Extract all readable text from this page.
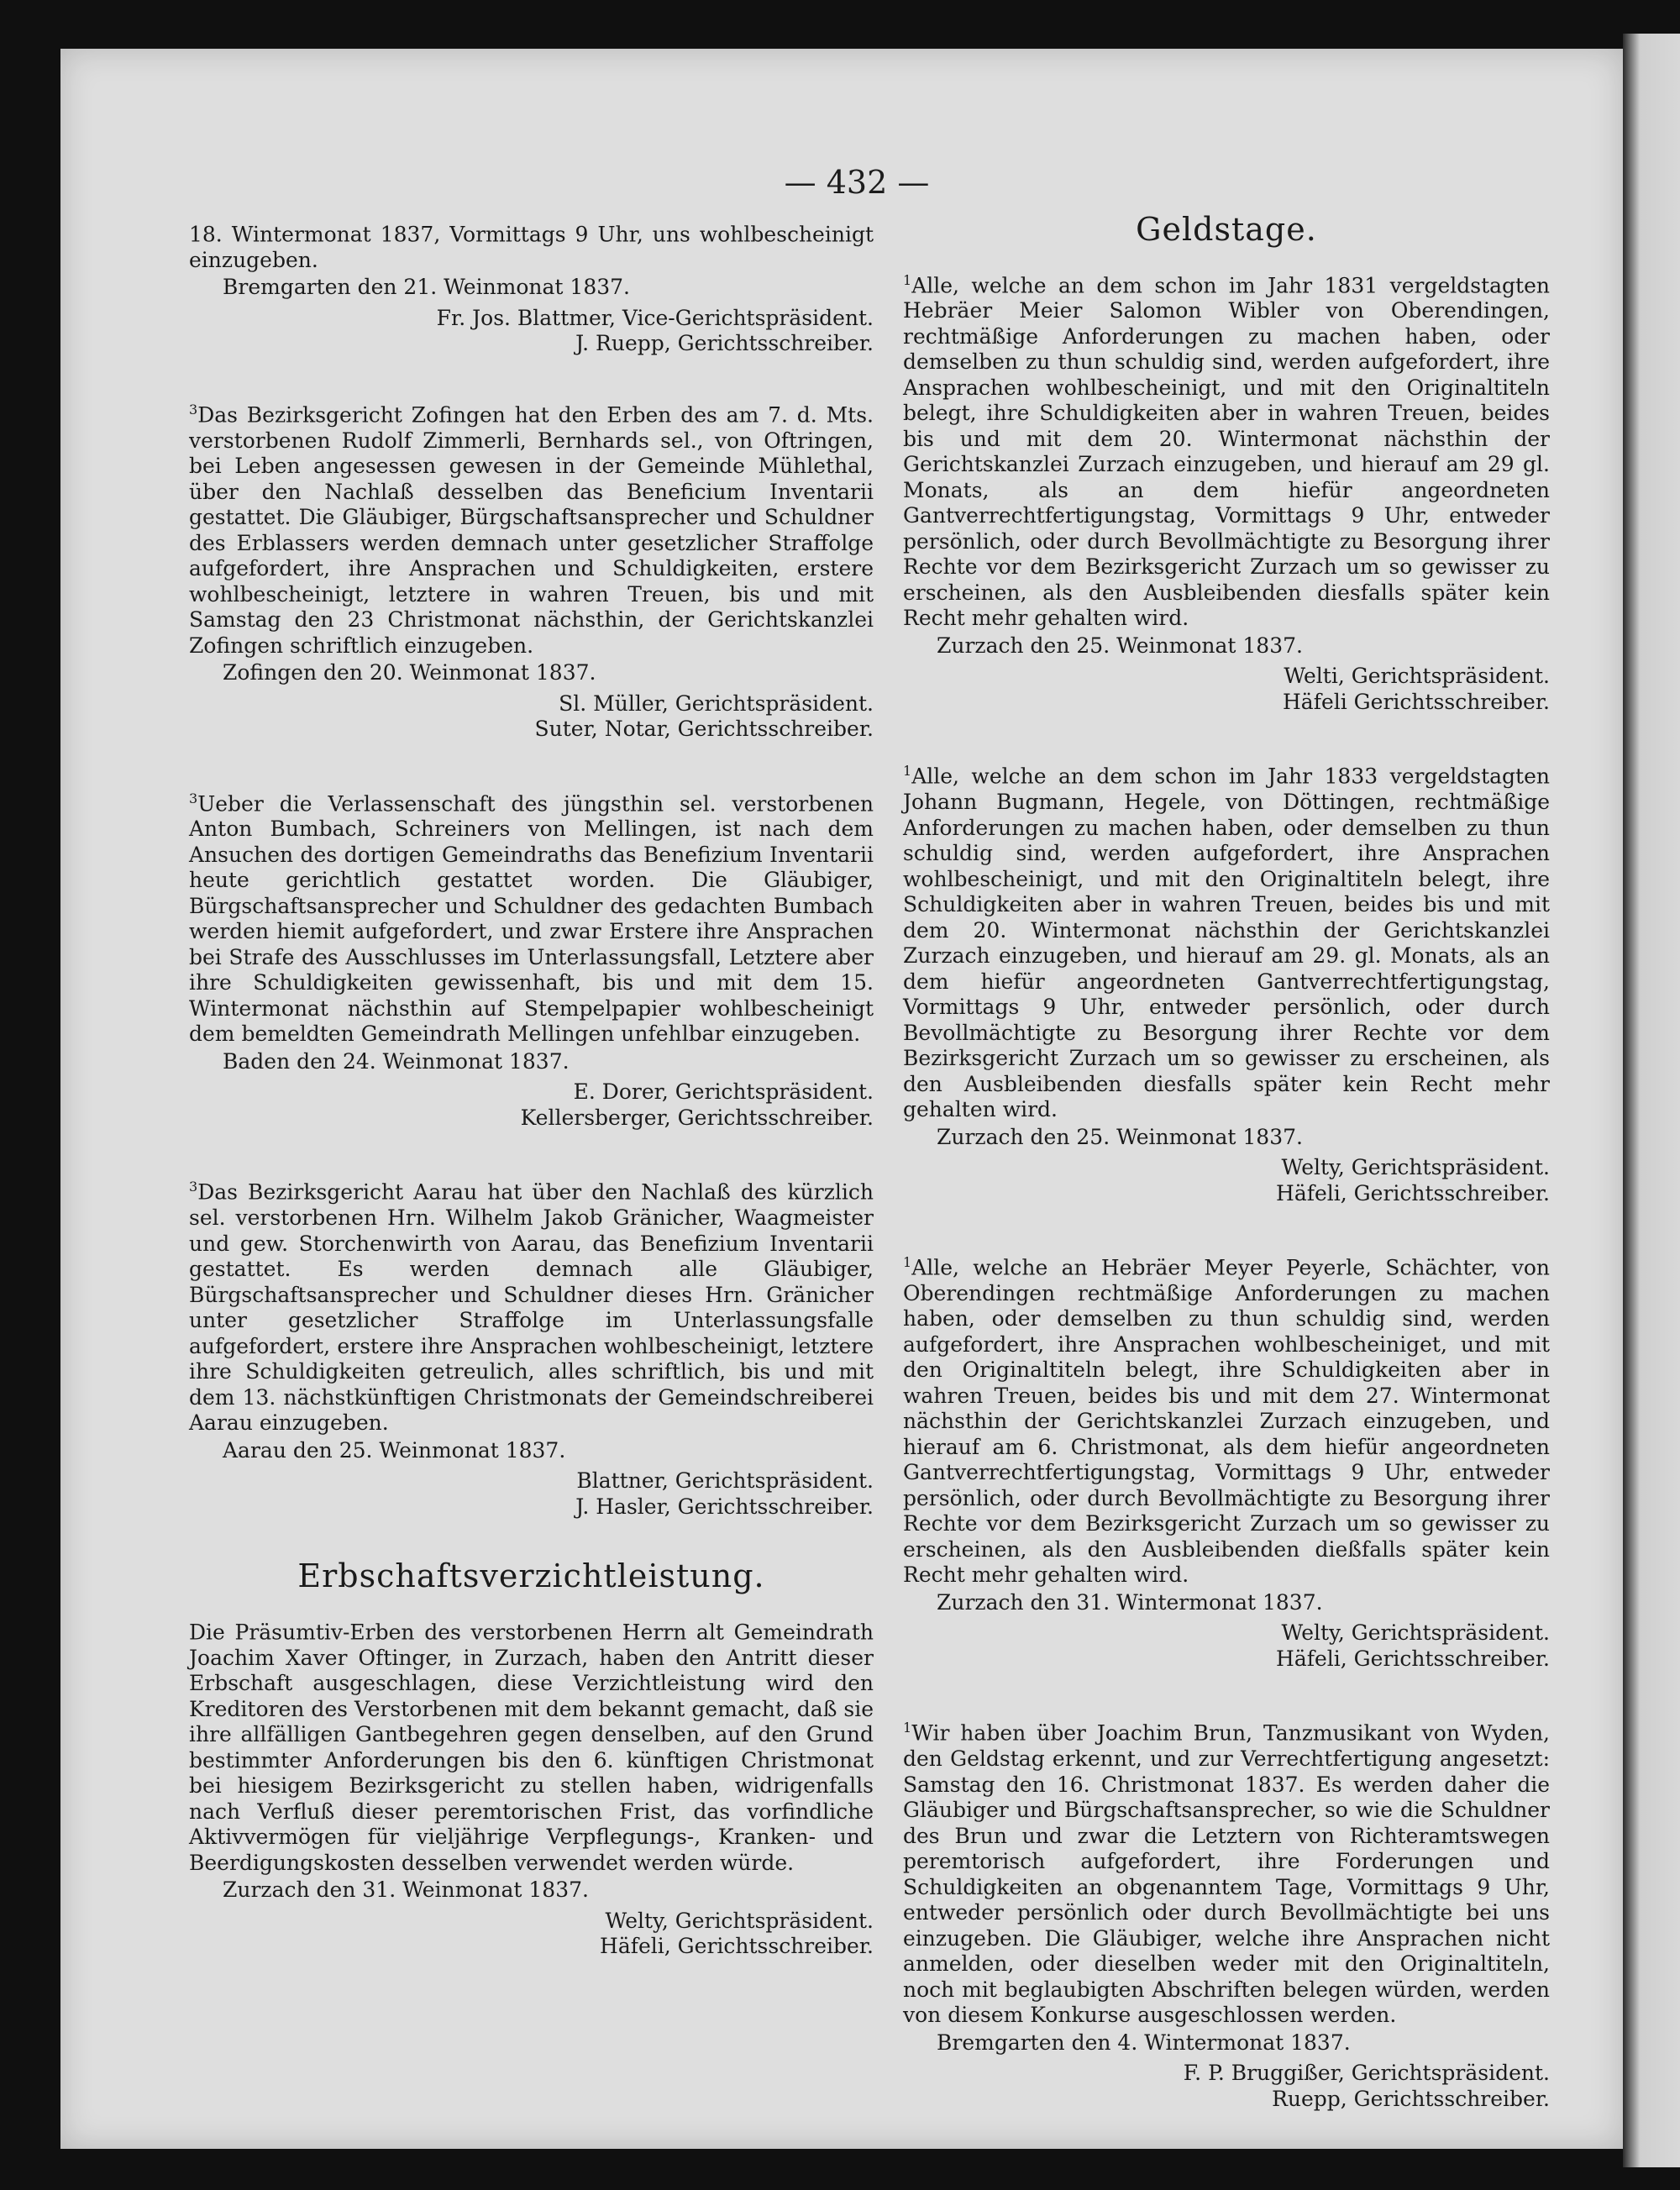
— 432 —

18. Wintermonat 1837, Vormittags 9 Uhr, uns wohlbescheinigt einzugeben.

Bremgarten den 21. Weinmonat 1837.

Fr. Jos. Blattmer, Vice-Gerichtspräsident.

J. Ruepp, Gerichtsschreiber.

$^3$Das Bezirksgericht Zofingen hat den Erben des am 7. d. Mts. verstorbenen Rudolf Zimmerli, Bernhards sel., von Oftringen, bei Leben angesessen gewesen in der Gemeinde Mühlethal, über den Nachlaß desselben das Beneficium Inventarii gestattet. Die Gläubiger, Bürgschaftsansprecher und Schuldner des Erblassers werden demnach unter gesetzlicher Straffolge aufgefordert, ihre Ansprachen und Schuldigkeiten, erstere wohlbescheinigt, letztere in wahren Treuen, bis und mit Samstag den 23 Christmonat nächsthin, der Gerichtskanzlei Zofingen schriftlich einzugeben.

Zofingen den 20. Weinmonat 1837.

Sl. Müller, Gerichtspräsident.

Suter, Notar, Gerichtsschreiber.

$^3$Ueber die Verlassenschaft des jüngsthin sel. verstorbenen Anton Bumbach, Schreiners von Mellingen, ist nach dem Ansuchen des dortigen Gemeindraths das Benefizium Inventarii heute gerichtlich gestattet worden. Die Gläubiger, Bürgschaftsansprecher und Schuldner des gedachten Bumbach werden hiemit aufgefordert, und zwar Erstere ihre Ansprachen bei Strafe des Ausschlusses im Unterlassungsfall, Letztere aber ihre Schuldigkeiten gewissenhaft, bis und mit dem 15. Wintermonat nächsthin auf Stempelpapier wohlbescheinigt dem bemeldten Gemeindrath Mellingen unfehlbar einzugeben.

Baden den 24. Weinmonat 1837.

E. Dorer, Gerichtspräsident.

Kellersberger, Gerichtsschreiber.

$^3$Das Bezirksgericht Aarau hat über den Nachlaß des kürzlich sel. verstorbenen Hrn. Wilhelm Jakob Gränicher, Waagmeister und gew. Storchenwirth von Aarau, das Benefizium Inventarii gestattet. Es werden demnach alle Gläubiger, Bürgschaftsansprecher und Schuldner dieses Hrn. Gränicher unter gesetzlicher Straffolge im Unterlassungsfalle aufgefordert, erstere ihre Ansprachen wohlbescheinigt, letztere ihre Schuldigkeiten getreulich, alles schriftlich, bis und mit dem 13. nächstkünftigen Christmonats der Gemeindschreiberei Aarau einzugeben.

Aarau den 25. Weinmonat 1837.

Blattner, Gerichtspräsident.

J. Hasler, Gerichtsschreiber.

Erbschaftsverzichtleistung.

Die Präsumtiv-Erben des verstorbenen Herrn alt Gemeindrath Joachim Xaver Oftinger, in Zurzach, haben den Antritt dieser Erbschaft ausgeschlagen, diese Verzichtleistung wird den Kreditoren des Verstorbenen mit dem bekannt gemacht, daß sie ihre allfälligen Gantbegehren gegen denselben, auf den Grund bestimmter Anforderungen bis den 6. künftigen Christmonat bei hiesigem Bezirksgericht zu stellen haben, widrigenfalls nach Verfluß dieser peremtorischen Frist, das vorfindliche Aktivvermögen für vieljährige Verpflegungs-, Kranken- und Beerdigungskosten desselben verwendet werden würde.

Zurzach den 31. Weinmonat 1837.

Welty, Gerichtspräsident.

Häfeli, Gerichtsschreiber.

Geldstage.

$^1$Alle, welche an dem schon im Jahr 1831 vergeldstagten Hebräer Meier Salomon Wibler von Oberendingen, rechtmäßige Anforderungen zu machen haben, oder demselben zu thun schuldig sind, werden aufgefordert, ihre Ansprachen wohlbescheinigt, und mit den Originaltiteln belegt, ihre Schuldigkeiten aber in wahren Treuen, beides bis und mit dem 20. Wintermonat nächsthin der Gerichtskanzlei Zurzach einzugeben, und hierauf am 29 gl. Monats, als an dem hiefür angeordneten Gantverrechtfertigungstag, Vormittags 9 Uhr, entweder persönlich, oder durch Bevollmächtigte zu Besorgung ihrer Rechte vor dem Bezirksgericht Zurzach um so gewisser zu erscheinen, als den Ausbleibenden diesfalls später kein Recht mehr gehalten wird.

Zurzach den 25. Weinmonat 1837.

Welti, Gerichtspräsident.

Häfeli Gerichtsschreiber.

$^1$Alle, welche an dem schon im Jahr 1833 vergeldstagten Johann Bugmann, Hegele, von Döttingen, rechtmäßige Anforderungen zu machen haben, oder demselben zu thun schuldig sind, werden aufgefordert, ihre Ansprachen wohlbescheinigt, und mit den Originaltiteln belegt, ihre Schuldigkeiten aber in wahren Treuen, beides bis und mit dem 20. Wintermonat nächsthin der Gerichtskanzlei Zurzach einzugeben, und hierauf am 29. gl. Monats, als an dem hiefür angeordneten Gantverrechtfertigungstag, Vormittags 9 Uhr, entweder persönlich, oder durch Bevollmächtigte zu Besorgung ihrer Rechte vor dem Bezirksgericht Zurzach um so gewisser zu erscheinen, als den Ausbleibenden diesfalls später kein Recht mehr gehalten wird.

Zurzach den 25. Weinmonat 1837.

Welty, Gerichtspräsident.

Häfeli, Gerichtsschreiber.

$^1$Alle, welche an Hebräer Meyer Peyerle, Schächter, von Oberendingen rechtmäßige Anforderungen zu machen haben, oder demselben zu thun schuldig sind, werden aufgefordert, ihre Ansprachen wohlbescheiniget, und mit den Originaltiteln belegt, ihre Schuldigkeiten aber in wahren Treuen, beides bis und mit dem 27. Wintermonat nächsthin der Gerichtskanzlei Zurzach einzugeben, und hierauf am 6. Christmonat, als dem hiefür angeordneten Gantverrechtfertigungstag, Vormittags 9 Uhr, entweder persönlich, oder durch Bevollmächtigte zu Besorgung ihrer Rechte vor dem Bezirksgericht Zurzach um so gewisser zu erscheinen, als den Ausbleibenden dießfalls später kein Recht mehr gehalten wird.

Zurzach den 31. Wintermonat 1837.

Welty, Gerichtspräsident.

Häfeli, Gerichtsschreiber.

$^1$Wir haben über Joachim Brun, Tanzmusikant von Wyden, den Geldstag erkennt, und zur Verrechtfertigung angesetzt: Samstag den 16. Christmonat 1837. Es werden daher die Gläubiger und Bürgschaftsansprecher, so wie die Schuldner des Brun und zwar die Letztern von Richteramtswegen peremtorisch aufgefordert, ihre Forderungen und Schuldigkeiten an obgenanntem Tage, Vormittags 9 Uhr, entweder persönlich oder durch Bevollmächtigte bei uns einzugeben. Die Gläubiger, welche ihre Ansprachen nicht anmelden, oder dieselben weder mit den Originaltiteln, noch mit beglaubigten Abschriften belegen würden, werden von diesem Konkurse ausgeschlossen werden.

Bremgarten den 4. Wintermonat 1837.

F. P. Bruggißer, Gerichtspräsident.

Ruepp, Gerichtsschreiber.
